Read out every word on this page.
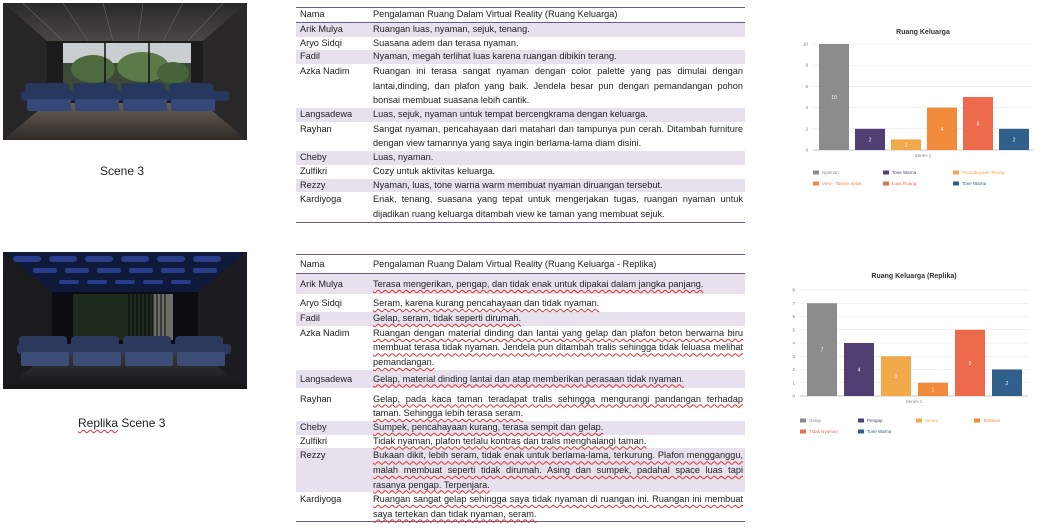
Scene 3
Nama	Pengalaman Ruang Dalam Virtual Reality (Ruang Keluarga)
Arik Mulya	Ruangan luas, nyaman, sejuk, tenang.
Aryo Sidqi	Suasana adem dan terasa nyaman.
Fadil	Nyaman, megah terlihat luas karena ruangan dibikin terang.
Azka Nadim	Ruangan ini terasa sangat nyaman dengan color palette yang pas dimulai dengan lantai,dinding, dan plafon yang baik. Jendela besar pun dengan pemandangan pohon bonsai membuat suasana lebih cantik.
Langsadewa	Luas, sejuk, nyaman untuk tempat bercengkrama dengan keluarga.
Rayhan	Sangat nyaman, pencahayaan dari matahari dan tampunya pun cerah. Ditambah furniture dengan view tamannya yang saya ingin berlama-lama diam disini.
Cheby	Luas, nyaman.
Zulfikri	Cozy untuk aktivitas keluarga.
Rezzy	Nyaman, luas, tone warna warm membuat nyaman diruangan tersebut.
Kardiyoga	Enak, tenang, suasana yang tepat untuk mengerjakan tugas, ruangan nyaman untuk dijadikan ruang keluarga ditambah view ke taman yang membuat sejuk.
Ruang Keluarga
0
2
4
6
8
10
10
2
1
4
5
2
Series 1
Nyaman	Tone Warna	Pencahayaan Terang
View - Taman Sejuk	Luas Ruang	Tone Warna
Replika Scene 3
Nama	Pengalaman Ruang Dalam Virtual Reality (Ruang Keluarga - Replika)
Arik Mulya	Terasa mengerikan, pengap, dan tidak enak untuk dipakai dalam jangka panjang.
Aryo Sidqi	Seram, karena kurang pencahayaan dan tidak nyaman.
Fadil	Gelap, seram, tidak seperti dirumah.
Azka Nadim	Ruangan dengan material dinding dan lantai yang gelap dan plafon beton berwarna biru membuat terasa tidak nyaman. Jendela pun ditambah tralis sehingga tidak leluasa melihat pemandangan.
Langsadewa	Gelap, material dinding lantai dan atap memberikan perasaan tidak nyaman.
Rayhan	Gelap, pada kaca taman teradapat tralis sehingga mengurangi pandangan terhadap taman. Sehingga lebih terasa seram.
Cheby	Sumpek, pencahayaan kurang, terasa sempit dan gelap.
Zulfikri	Tidak nyaman, plafon terlalu kontras dan tralis menghalangi taman.
Rezzy	Bukaan dikit, lebih seram, tidak enak untuk berlama-lama, terkurung. Plafon mengganggu, malah membuat seperti tidak dirumah. Asing dan sumpek, padahal space luas tapi rasanya pengap. Terpenjara.
Kardiyoga	Ruangan sangat gelap sehingga saya tidak nyaman di ruangan ini. Ruangan ini membuat saya tertekan dan tidak nyaman, seram.
Ruang Keluarga (Replika)
0
1
2
3
4
5
6
7
8
7
4
3
1
5
2
Series 1
Gelap	Pengap	Seram	Tertekan
Tidak Nyaman	Tone Warna
